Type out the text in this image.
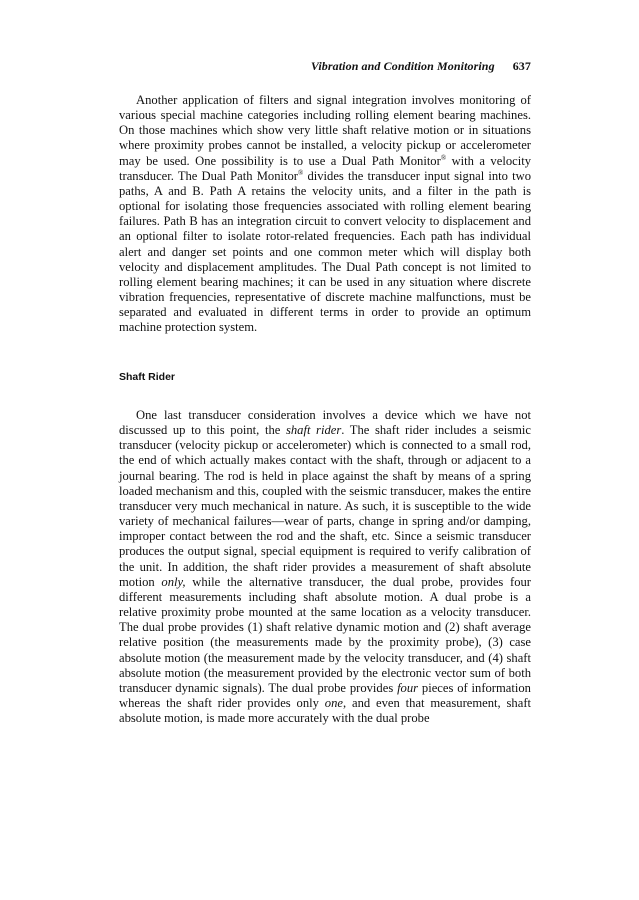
Vibration and Condition Monitoring 637

Another application of filters and signal integration involves monitoring of various special machine categories including rolling element bearing machines. On those machines which show very little shaft relative motion or in situations where proximity probes cannot be installed, a velocity pickup or accelerometer may be used. One possibility is to use a Dual Path Monitor® with a velocity transducer. The Dual Path Monitor® divides the transducer input signal into two paths, A and B. Path A retains the velocity units, and a filter in the path is optional for isolating those frequencies associated with rolling element bearing failures. Path B has an integration circuit to convert velocity to displacement and an optional filter to isolate rotor-related frequencies. Each path has individual alert and danger set points and one common meter which will display both velocity and displacement amplitudes. The Dual Path concept is not limited to rolling element bearing machines; it can be used in any situation where discrete vibration frequencies, representative of discrete machine malfunctions, must be separated and evaluated in different terms in order to provide an optimum machine protection system.

Shaft Rider

One last transducer consideration involves a device which we have not discussed up to this point, the shaft rider. The shaft rider includes a seismic transducer (velocity pickup or accelerometer) which is connected to a small rod, the end of which actually makes contact with the shaft, through or adjacent to a journal bearing. The rod is held in place against the shaft by means of a spring loaded mechanism and this, coupled with the seismic transducer, makes the entire transducer very much mechanical in nature. As such, it is susceptible to the wide variety of mechanical failures—wear of parts, change in spring and/or damping, improper contact between the rod and the shaft, etc. Since a seismic transducer produces the output signal, special equipment is required to verify calibration of the unit. In addition, the shaft rider provides a measurement of shaft absolute motion only, while the alternative transducer, the dual probe, provides four different measurements including shaft absolute motion. A dual probe is a relative proximity probe mounted at the same location as a velocity transducer. The dual probe provides (1) shaft relative dynamic motion and (2) shaft average relative position (the measurements made by the proximity probe), (3) case absolute motion (the measurement made by the velocity transducer, and (4) shaft absolute motion (the measurement provided by the electronic vector sum of both transducer dynamic signals). The dual probe provides four pieces of information whereas the shaft rider provides only one, and even that measurement, shaft absolute motion, is made more accurately with the dual probe
